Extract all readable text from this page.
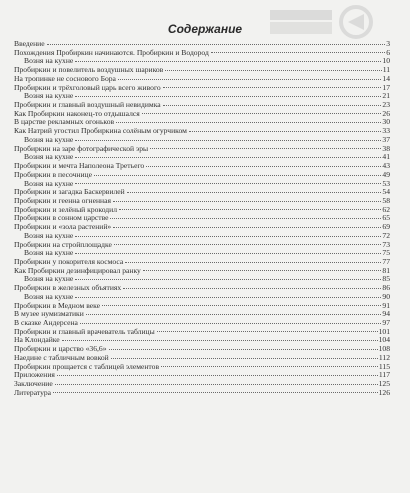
Содержание
Введение	3
Похождения Пробиркин начинаются. Пробиркин и Водород	6
Возня на кухне	10
Пробиркин и повелитель воздушных шариков	11
На тропинке не соснового Бора	14
Пробиркин и трёхголовый царь всего живого	17
Возня на кухне	21
Пробиркин и главный воздушный невидимка	23
Как Пробиркин наконец-то отдышался	26
В царстве рекламных огоньков	30
Как Натрий угостил Пробиркина солёным огурчиком	33
Возня на кухне	37
Пробиркин на заре фотографической эры	38
Возня на кухне	41
Пробиркин и мечта Наполеона Третьего	43
Пробиркин в песочнице	49
Возня на кухне	53
Пробиркин и загадка Баскервилей	54
Пробиркин и геенна огненная	58
Пробиркин и зелёный крокодил	62
Пробиркин в сонном царстве	65
Пробиркин и «зола растений»	69
Возня на кухне	72
Пробиркин на стройплощадке	73
Возня на кухне	75
Пробиркин у покорителя космоса	77
Как Пробиркин дезинфицировал ранку	81
Возня на кухне	85
Пробиркин в железных объятиях	86
Возня на кухне	90
Пробиркин в Медном веке	91
В музее нумизматики	94
В сказке Андерсена	97
Пробиркин и главный врачеватель таблицы	101
На Клондайке	104
Пробиркин и царство «36,6»	108
Наедине с табличным вовкой	112
Пробиркин прощается с таблицей элементов	115
Приложения	117
Заключение	125
Литература	126
